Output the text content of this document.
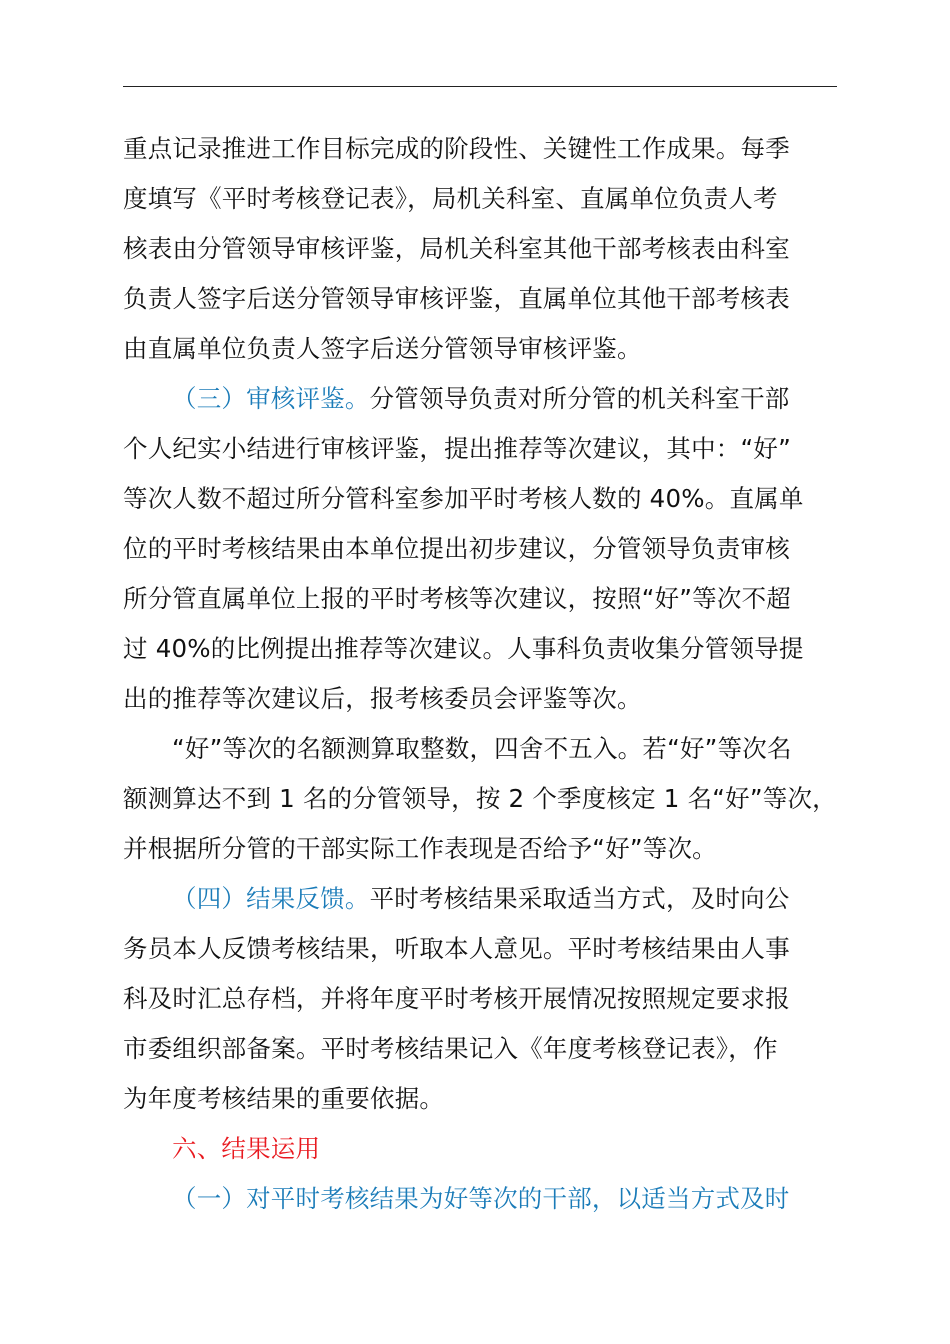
重点记录推进工作目标完成的阶段性、关键性工作成果。每季
度填写《平时考核登记表》，局机关科室、直属单位负责人考
核表由分管领导审核评鉴，局机关科室其他干部考核表由科室
负责人签字后送分管领导审核评鉴，直属单位其他干部考核表
由直属单位负责人签字后送分管领导审核评鉴。
（三）审核评鉴。分管领导负责对所分管的机关科室干部
个人纪实小结进行审核评鉴，提出推荐等次建议，其中：“好”
等次人数不超过所分管科室参加平时考核人数的 40%。直属单
位的平时考核结果由本单位提出初步建议，分管领导负责审核
所分管直属单位上报的平时考核等次建议，按照“好”等次不超
过 40%的比例提出推荐等次建议。人事科负责收集分管领导提
出的推荐等次建议后，报考核委员会评鉴等次。
“好”等次的名额测算取整数，四舍不五入。若“好”等次名
额测算达不到 1 名的分管领导，按 2 个季度核定 1 名“好”等次，
并根据所分管的干部实际工作表现是否给予“好”等次。
（四）结果反馈。平时考核结果采取适当方式，及时向公
务员本人反馈考核结果，听取本人意见。平时考核结果由人事
科及时汇总存档，并将年度平时考核开展情况按照规定要求报
市委组织部备案。平时考核结果记入《年度考核登记表》，作
为年度考核结果的重要依据。
六、结果运用
（一）对平时考核结果为好等次的干部，以适当方式及时
